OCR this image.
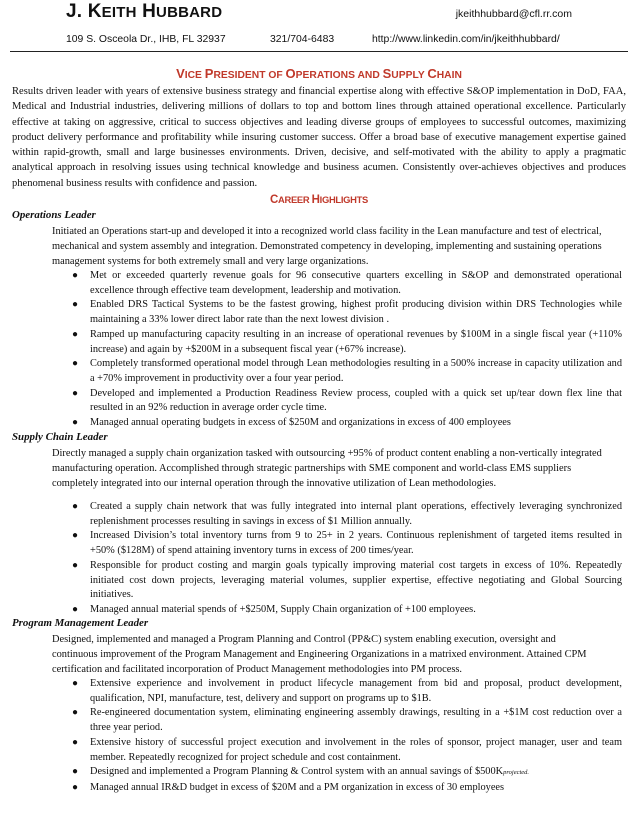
J. KEITH HUBBARD	jkeithhubbard@cfl.rr.com
109 S. Osceola Dr., IHB, FL 32937	321/704-6483	http://www.linkedin.com/in/jkeithhubbard/
VICE PRESIDENT OF OPERATIONS AND SUPPLY CHAIN

Results driven leader with years of extensive business strategy and financial expertise along with effective S&OP implementation in DoD, FAA, Medical and Industrial industries, delivering millions of dollars to top and bottom lines through attained operational excellence. Particularly effective at taking on aggressive, critical to success objectives and leading diverse groups of employees to successful outcomes, maximizing product delivery performance and profitability while insuring customer success. Offer a broad base of executive management expertise gained within rapid-growth, small and large businesses environments. Driven, decisive, and self-motivated with the ability to apply a pragmatic analytical approach in resolving issues using technical knowledge and business acumen. Consistently over-achieves objectives and produces phenomenal business results with confidence and passion.

CAREER HIGHLIGHTS
Operations Leader

Initiated an Operations start-up and developed it into a recognized world class facility in the Lean manufacture and test of electrical, mechanical and system assembly and integration. Demonstrated competency in developing, implementing and sustaining operations management systems for both extremely small and very large organizations.

● Met or exceeded quarterly revenue goals for 96 consecutive quarters excelling in S&OP and demonstrated operational excellence through effective team development, leadership and motivation.
● Enabled DRS Tactical Systems to be the fastest growing, highest profit producing division within DRS Technologies while maintaining a 33% lower direct labor rate than the next lowest division .
● Ramped up manufacturing capacity resulting in an increase of operational revenues by $100M in a single fiscal year (+110% increase) and again by +$200M in a subsequent fiscal year (+67% increase).
● Completely transformed operational model through Lean methodologies resulting in a 500% increase in capacity utilization and a +70% improvement in productivity over a four year period.
● Developed and implemented a Production Readiness Review process, coupled with a quick set up/tear down flex line that resulted in an 92% reduction in average order cycle time.
● Managed annual operating budgets in excess of $250M and organizations in excess of 400 employees
Supply Chain Leader

Directly managed a supply chain organization tasked with outsourcing +95% of product content enabling a non-vertically integrated manufacturing operation. Accomplished through strategic partnerships with SME component and world-class EMS suppliers completely integrated into our internal operation through the innovative utilization of Lean methodologies.

● Created a supply chain network that was fully integrated into internal plant operations, effectively leveraging synchronized replenishment processes resulting in savings in excess of $1 Million annually.
● Increased Division’s total inventory turns from 9 to 25+ in 2 years. Continuous replenishment of targeted items resulted in +50% ($128M) of spend attaining inventory turns in excess of 200 times/year.
● Responsible for product costing and margin goals typically improving material cost targets in excess of 10%. Repeatedly initiated cost down projects, leveraging material volumes, supplier expertise, effective negotiating and Global Sourcing initiatives.
● Managed annual material spends of +$250M, Supply Chain organization of +100 employees.
Program Management Leader

Designed, implemented and managed a Program Planning and Control (PP&C) system enabling execution, oversight and continuous improvement of the Program Management and Engineering Organizations in a matrixed environment. Attained CPM certification and facilitated incorporation of Product Management methodologies into PM process.

● Extensive experience and involvement in product lifecycle management from bid and proposal, product development, qualification, NPI, manufacture, test, delivery and support on programs up to $1B.
● Re-engineered documentation system, eliminating engineering assembly drawings, resulting in a +$1M cost reduction over a three year period.
● Extensive history of successful project execution and involvement in the roles of sponsor, project manager, user and team member. Repeatedly recognized for project schedule and cost containment.
● Designed and implemented a Program Planning & Control system with an annual savings of $500Kprojected.
● Managed annual IR&D budget in excess of $20M and a PM organization in excess of 30 employees
